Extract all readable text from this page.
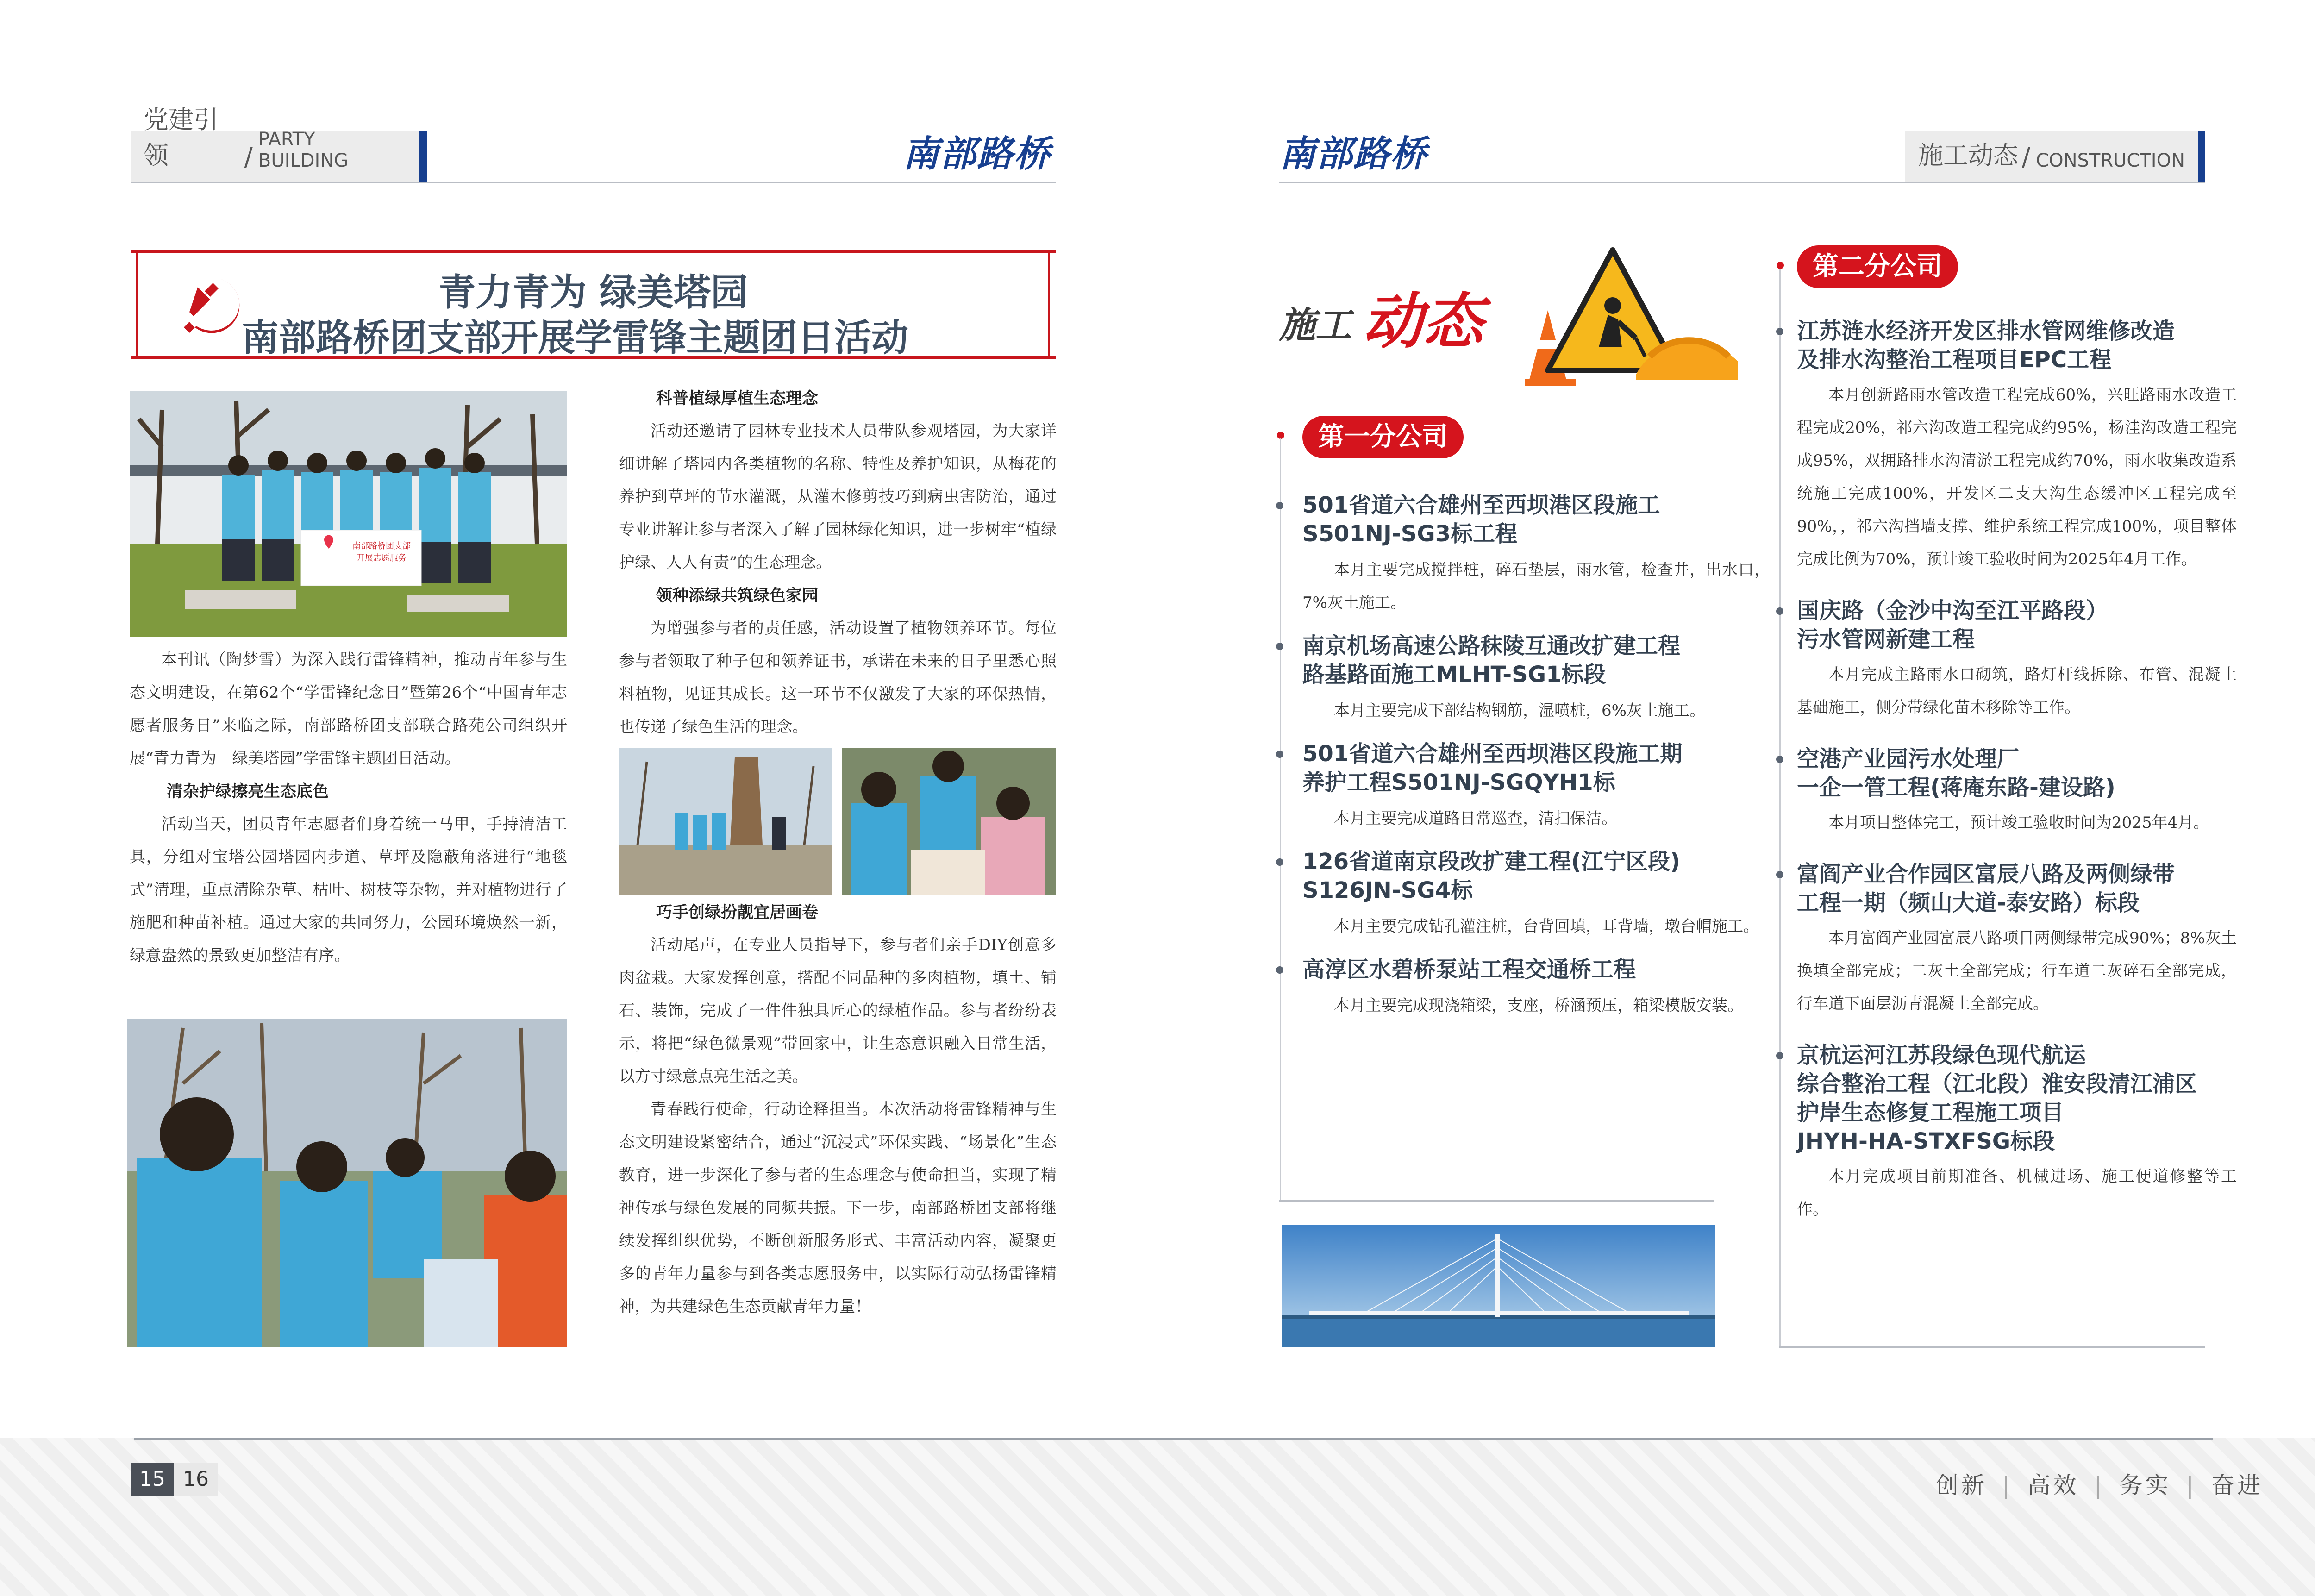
党建引领	/
PARTY BUILDING	南部路桥
青力青为 绿美塔园
南部路桥团支部开展学雷锋主题团日活动
南部路桥团支部
开展志愿服务

本刊讯（陶梦雪）为深入践行雷锋精神，推动青年参与生态文明建设，在第62个“学雷锋纪念日”暨第26个“中国青年志愿者服务日”来临之际，南部路桥团支部联合路苑公司组织开展“青力青为　绿美塔园”学雷锋主题团日活动。

清杂护绿擦亮生态底色

活动当天，团员青年志愿者们身着统一马甲，手持清洁工具，分组对宝塔公园塔园内步道、草坪及隐蔽角落进行“地毯式”清理，重点清除杂草、枯叶、树枝等杂物，并对植物进行了施肥和种苗补植。通过大家的共同努力，公园环境焕然一新，绿意盎然的景致更加整洁有序。

科普植绿厚植生态理念

活动还邀请了园林专业技术人员带队参观塔园，为大家详细讲解了塔园内各类植物的名称、特性及养护知识，从梅花的养护到草坪的节水灌溉，从灌木修剪技巧到病虫害防治，通过专业讲解让参与者深入了解了园林绿化知识，进一步树牢“植绿护绿、人人有责”的生态理念。

领种添绿共筑绿色家园

为增强参与者的责任感，活动设置了植物领养环节。每位参与者领取了种子包和领养证书，承诺在未来的日子里悉心照料植物，见证其成长。这一环节不仅激发了大家的环保热情，也传递了绿色生活的理念。

巧手创绿扮靓宜居画卷

活动尾声，在专业人员指导下，参与者们亲手DIY创意多肉盆栽。大家发挥创意，搭配不同品种的多肉植物，填土、铺石、装饰，完成了一件件独具匠心的绿植作品。参与者纷纷表示，将把“绿色微景观”带回家中，让生态意识融入日常生活，以方寸绿意点亮生活之美。

青春践行使命，行动诠释担当。本次活动将雷锋精神与生态文明建设紧密结合，通过“沉浸式”环保实践、“场景化”生态教育，进一步深化了参与者的生态理念与使命担当，实现了精神传承与绿色发展的同频共振。下一步，南部路桥团支部将继续发挥组织优势，不断创新服务形式、丰富活动内容，凝聚更多的青年力量参与到各类志愿服务中，以实际行动弘扬雷锋精神，为共建绿色生态贡献青年力量！

南部路桥	施工动态 / CONSTRUCTION
施工 动态
第一分公司

501省道六合雄州至西坝港区段施工

S501NJ-SG3标工程

本月主要完成搅拌桩，碎石垫层，雨水管，检查井，出水口，7%灰土施工。

南京机场高速公路秣陵互通改扩建工程

路基路面施工MLHT-SG1标段

本月主要完成下部结构钢筋，湿喷桩，6%灰土施工。

501省道六合雄州至西坝港区段施工期

养护工程S501NJ-SGQYH1标

本月主要完成道路日常巡查，清扫保洁。

126省道南京段改扩建工程(江宁区段)

S126JN-SG4标

本月主要完成钻孔灌注桩，台背回填，耳背墙，墩台帽施工。

高淳区水碧桥泵站工程交通桥工程

本月主要完成现浇箱梁，支座，桥涵预压，箱梁模版安装。

第二分公司

江苏涟水经济开发区排水管网维修改造

及排水沟整治工程项目EPC工程

本月创新路雨水管改造工程完成60%，兴旺路雨水改造工程完成20%，祁六沟改造工程完成约95%，杨洼沟改造工程完成95%，双拥路排水沟清淤工程完成约70%，雨水收集改造系统施工完成100%，开发区二支大沟生态缓冲区工程完成至90%，，祁六沟挡墙支撑、维护系统工程完成100%，项目整体完成比例为70%，预计竣工验收时间为2025年4月工作。

国庆路（金沙中沟至江平路段）

污水管网新建工程

本月完成主路雨水口砌筑，路灯杆线拆除、布管、混凝土基础施工，侧分带绿化苗木移除等工作。

空港产业园污水处理厂

一企一管工程(蒋庵东路-建设路)

本月项目整体完工，预计竣工验收时间为2025年4月。

富阎产业合作园区富辰八路及两侧绿带

工程一期（频山大道-泰安路）标段

本月富阎产业园富辰八路项目两侧绿带完成90%；8%灰土换填全部完成；二灰土全部完成；行车道二灰碎石全部完成，行车道下面层沥青混凝土全部完成。

京杭运河江苏段绿色现代航运

综合整治工程（江北段）淮安段清江浦区

护岸生态修复工程施工项目

JHYH-HA-STXFSG标段

本月完成项目前期准备、机械进场、施工便道修整等工作。

15 16	创新 | 高效 | 务实 | 奋进
